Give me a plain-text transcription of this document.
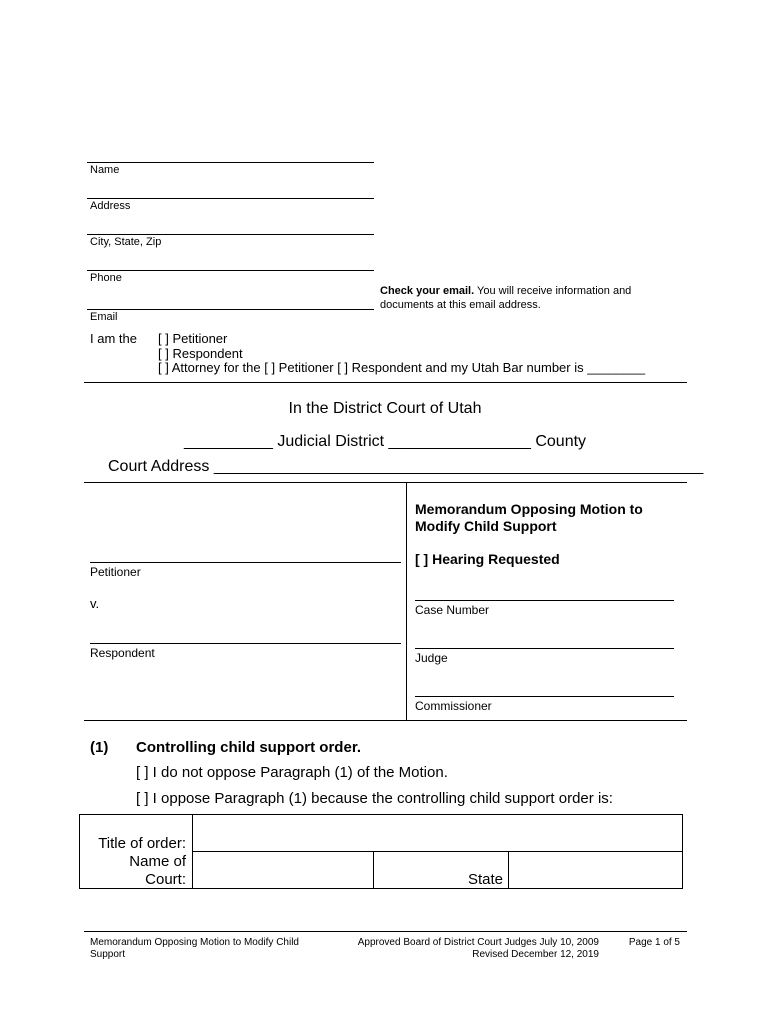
Name
Address
City, State, Zip
Phone
Check your email. You will receive information and
documents at this email address.
Email
I am the [ ] Petitioner
[ ] Respondent
[ ] Attorney for the [ ] Petitioner [ ] Respondent and my Utah Bar number is ________
In the District Court of Utah
__________ Judicial District ________________ County
Court Address _______________________________________________________
Memorandum Opposing Motion to
Modify Child Support
[ ] Hearing Requested
Petitioner
v.
Respondent
Case Number
Judge
Commissioner
(1) Controlling child support order.
[ ] I do not oppose Paragraph (1) of the Motion.
[ ] I oppose Paragraph (1) because the controlling child support order is:
Title of order:
Name of
Court:	State
Memorandum Opposing Motion to Modify Child
Support
Approved Board of District Court Judges July 10, 2009
Revised December 12, 2019
Page 1 of 5
